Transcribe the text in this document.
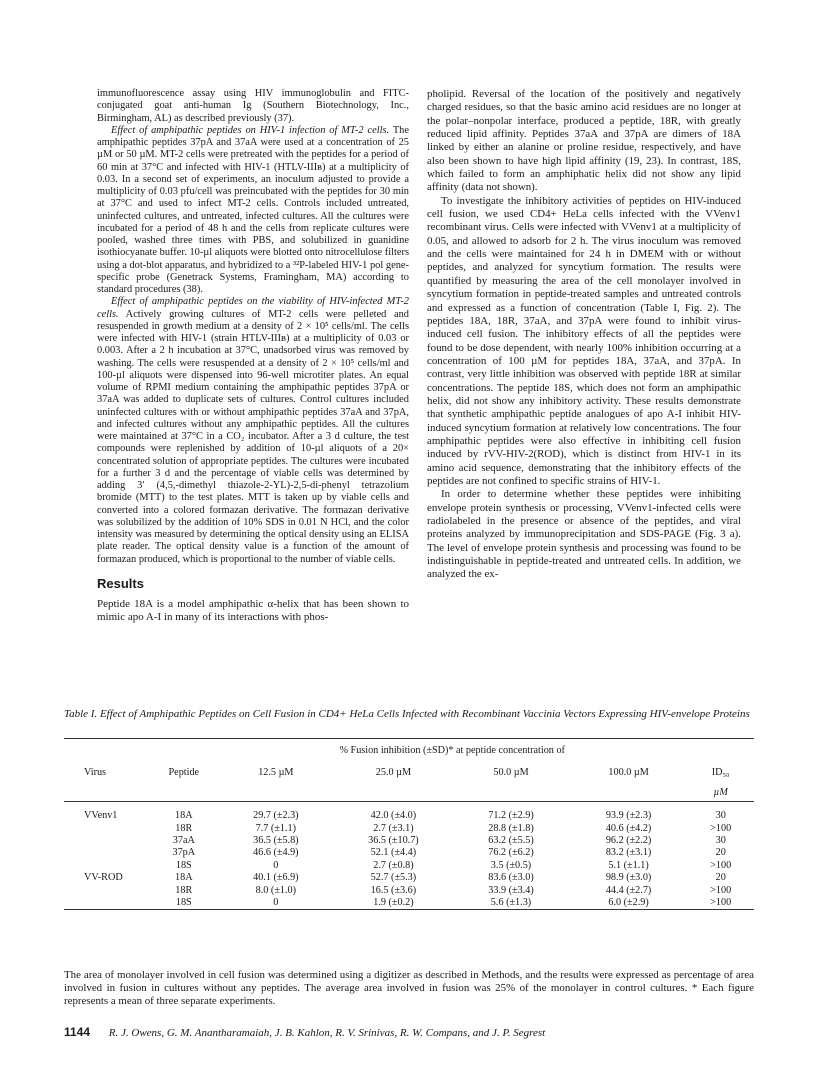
immunofluorescence assay using HIV immunoglobulin and FITC-conjugated goat anti-human Ig (Southern Biotechnology, Inc., Birmingham, AL) as described previously (37).

Effect of amphipathic peptides on HIV-1 infection of MT-2 cells. The amphipathic peptides 37pA and 37aA were used at a concentration of 25 µM or 50 µM. MT-2 cells were pretreated with the peptides for a period of 60 min at 37°C and infected with HIV-1 (HTLV-IIIʙ) at a multiplicity of 0.03. In a second set of experiments, an inoculum adjusted to provide a multiplicity of 0.03 pfu/cell was preincubated with the peptides for 30 min at 37°C and used to infect MT-2 cells. Controls included untreated, uninfected cultures, and untreated, infected cultures. All the cultures were incubated for a period of 48 h and the cells from replicate cultures were pooled, washed three times with PBS, and solubilized in guanidine isothiocyanate buffer. 10-µl aliquots were blotted onto nitrocellulose filters using a dot-blot apparatus, and hybridized to a ³²P-labeled HIV-1 pol gene-specific probe (Genetrack Systems, Framingham, MA) according to standard procedures (38).

Effect of amphipathic peptides on the viability of HIV-infected MT-2 cells. Actively growing cultures of MT-2 cells were pelleted and resuspended in growth medium at a density of 2 × 10⁵ cells/ml. The cells were infected with HIV-1 (strain HTLV-IIIʙ) at a multiplicity of 0.03 or 0.003. After a 2 h incubation at 37°C, unadsorbed virus was removed by washing. The cells were resuspended at a density of 2 × 10⁵ cells/ml and 100-µl aliquots were dispensed into 96-well microtiter plates. An equal volume of RPMI medium containing the amphipathic peptides 37pA or 37aA was added to duplicate sets of cultures. Control cultures included uninfected cultures with or without amphipathic peptides 37aA and 37pA, and infected cultures without any amphipathic peptides. All the cultures were maintained at 37°C in a CO₂ incubator. After a 3 d culture, the test compounds were replenished by addition of 10-µl aliquots of a 20× concentrated solution of appropriate peptides. The cultures were incubated for a further 3 d and the percentage of viable cells was determined by adding 3′ (4,5,-dimethyl thiazole-2-YL)-2,5-di-phenyl tetrazolium bromide (MTT) to the test plates. MTT is taken up by viable cells and converted into a colored formazan derivative. The formazan derivative was solubilized by the addition of 10% SDS in 0.01 N HCl, and the color intensity was measured by determining the optical density using an ELISA plate reader. The optical density value is a function of the amount of formazan produced, which is proportional to the number of viable cells.

Results

Peptide 18A is a model amphipathic α-helix that has been shown to mimic apo A-I in many of its interactions with phos-

pholipid. Reversal of the location of the positively and negatively charged residues, so that the basic amino acid residues are no longer at the polar–nonpolar interface, produced a peptide, 18R, with greatly reduced lipid affinity. Peptides 37aA and 37pA are dimers of 18A linked by either an alanine or proline residue, respectively, and have also been shown to have high lipid affinity (19, 23). In contrast, 18S, which failed to form an amphiphatic helix did not show any lipid affinity (data not shown).

To investigate the inhibitory activities of peptides on HIV-induced cell fusion, we used CD4+ HeLa cells infected with the VVenv1 recombinant virus. Cells were infected with VVenv1 at a multiplicity of 0.05, and allowed to adsorb for 2 h. The virus inoculum was removed and the cells were maintained for 24 h in DMEM with or without peptides, and analyzed for syncytium formation. The results were quantified by measuring the area of the cell monolayer involved in syncytium formation in peptide-treated samples and untreated controls and expressed as a function of concentration (Table I, Fig. 2). The peptides 18A, 18R, 37aA, and 37pA were found to inhibit virus-induced cell fusion. The inhibitory effects of all the peptides were found to be dose dependent, with nearly 100% inhibition occurring at a concentration of 100 µM for peptides 18A, 37aA, and 37pA. In contrast, very little inhibition was observed with peptide 18R at similar concentrations. The peptide 18S, which does not form an amphipathic helix, did not show any inhibitory activity. These results demonstrate that synthetic amphipathic peptide analogues of apo A-I inhibit HIV-induced syncytium formation at relatively low concentrations. The four amphipathic peptides were also effective in inhibiting cell fusion induced by rVV-HIV-2(ROD), which is distinct from HIV-1 in its amino acid sequence, demonstrating that the inhibitory effects of the peptides are not confined to specific strains of HIV-1.

In order to determine whether these peptides were inhibiting envelope protein synthesis or processing, VVenv1-infected cells were radiolabeled in the presence or absence of the peptides, and viral proteins analyzed by immunoprecipitation and SDS-PAGE (Fig. 3 a). The level of envelope protein synthesis and processing was found to be indistinguishable in peptide-treated and untreated cells. In addition, we analyzed the ex-

Table I. Effect of Amphipathic Peptides on Cell Fusion in CD4+ HeLa Cells Infected with Recombinant Vaccinia Vectors Expressing HIV-envelope Proteins
		% Fusion inhibition (±SD)* at peptide concentration of				
Virus	Peptide	12.5 µM	25.0 µM	50.0 µM	100.0 µM	ID₅₀
						µM

VVenv1	18A	29.7 (±2.3)	42.0 (±4.0)	71.2 (±2.9)	93.9 (±2.3)	30
	18R	7.7 (±1.1)	2.7 (±3.1)	28.8 (±1.8)	40.6 (±4.2)	>100
	37aA	36.5 (±5.8)	36.5 (±10.7)	63.2 (±5.5)	96.2 (±2.2)	30
	37pA	46.6 (±4.9)	52.1 (±4.4)	76.2 (±6.2)	83.2 (±3.1)	20
	18S	0	2.7 (±0.8)	3.5 (±0.5)	5.1 (±1.1)	>100
VV-ROD	18A	40.1 (±6.9)	52.7 (±5.3)	83.6 (±3.0)	98.9 (±3.0)	20
	18R	8.0 (±1.0)	16.5 (±3.6)	33.9 (±3.4)	44.4 (±2.7)	>100
	18S	0	1.9 (±0.2)	5.6 (±1.3)	6.0 (±2.9)	>100

The area of monolayer involved in cell fusion was determined using a digitizer as described in Methods, and the results were expressed as percentage of area involved in fusion in cultures without any peptides. The average area involved in fusion was 25% of the monolayer in control cultures. * Each figure represents a mean of three separate experiments.
1144 R. J. Owens, G. M. Anantharamaiah, J. B. Kahlon, R. V. Srinivas, R. W. Compans, and J. P. Segrest
